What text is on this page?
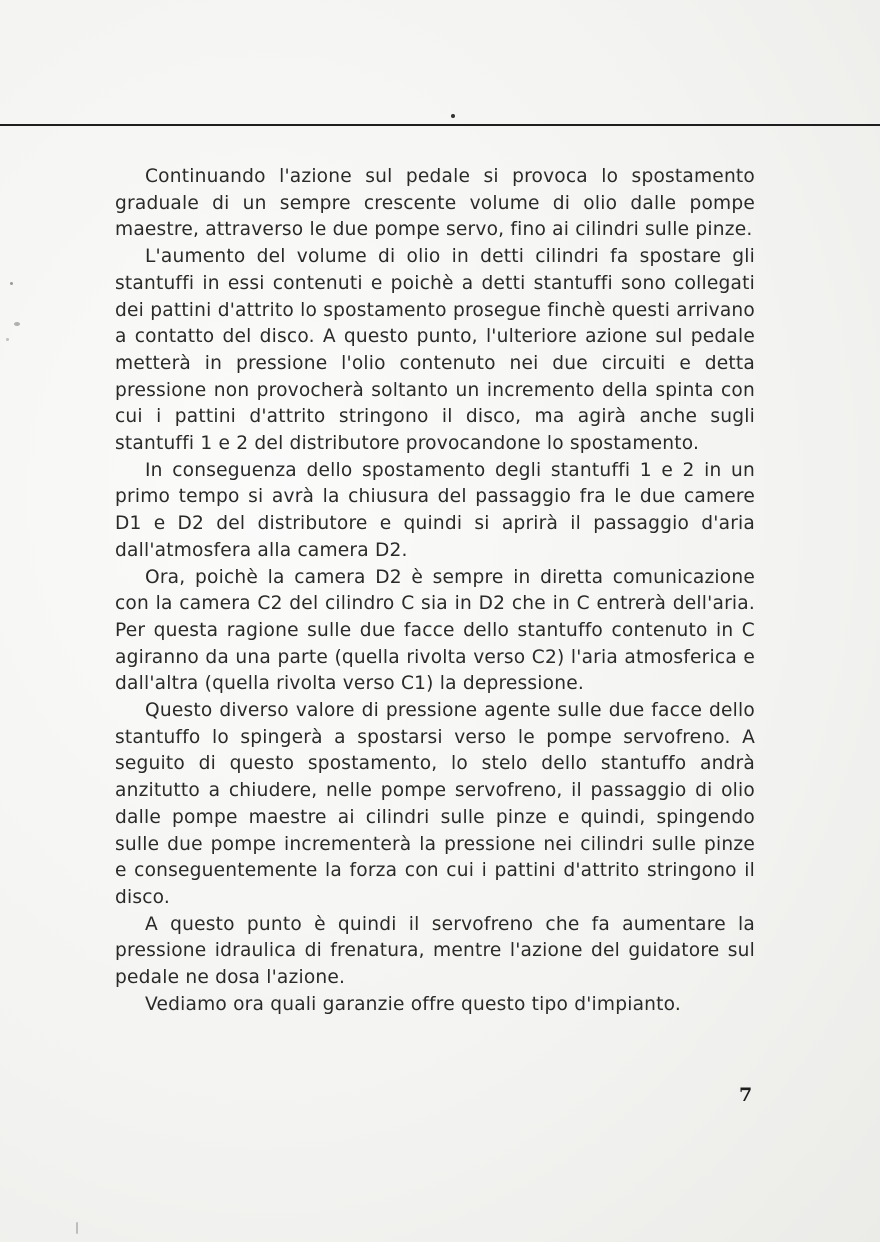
Continuando l'azione sul pedale si provoca lo spostamento graduale di un sempre crescente volume di olio dalle pompe maestre, attraverso le due pompe servo, fino ai cilindri sulle pinze.

L'aumento del volume di olio in detti cilindri fa spostare gli stantuffi in essi contenuti e poichè a detti stantuffi sono collegati dei pattini d'attrito lo spostamento prosegue finchè questi arrivano a contatto del disco. A questo punto, l'ulteriore azione sul pedale metterà in pressione l'olio contenuto nei due circuiti e detta pressione non provocherà soltanto un incremento della spinta con cui i pattini d'attrito stringono il disco, ma agirà anche sugli stantuffi 1 e 2 del distributore provocandone lo spostamento.

In conseguenza dello spostamento degli stantuffi 1 e 2 in un primo tempo si avrà la chiusura del passaggio fra le due camere D1 e D2 del distributore e quindi si aprirà il passaggio d'aria dall'atmosfera alla camera D2.

Ora, poichè la camera D2 è sempre in diretta comunicazione con la camera C2 del cilindro C sia in D2 che in C entrerà dell'aria. Per questa ragione sulle due facce dello stantuffo contenuto in C agiranno da una parte (quella rivolta verso C2) l'aria atmosferica e dall'altra (quella rivolta verso C1) la depressione.

Questo diverso valore di pressione agente sulle due facce dello stantuffo lo spingerà a spostarsi verso le pompe servofreno. A seguito di questo spostamento, lo stelo dello stantuffo andrà anzitutto a chiudere, nelle pompe servofreno, il passaggio di olio dalle pompe maestre ai cilindri sulle pinze e quindi, spingendo sulle due pompe incrementerà la pressione nei cilindri sulle pinze e conseguentemente la forza con cui i pattini d'attrito stringono il disco.

A questo punto è quindi il servofreno che fa aumentare la pressione idraulica di frenatura, mentre l'azione del guidatore sul pedale ne dosa l'azione.

Vediamo ora quali garanzie offre questo tipo d'impianto.

7
